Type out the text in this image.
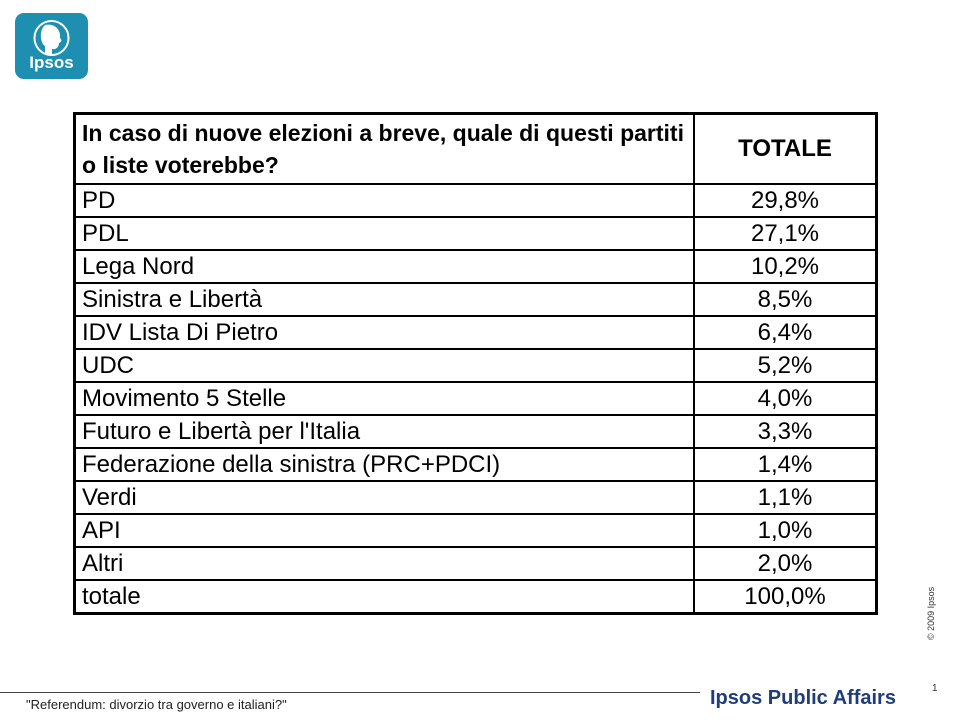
Ipsos
In caso di nuove elezioni a breve, quale di questi partiti o liste voterebbe?	TOTALE
PD	29,8%
PDL	27,1%
Lega Nord	10,2%
Sinistra e Libertà	8,5%
IDV Lista Di Pietro	6,4%
UDC	5,2%
Movimento 5 Stelle	4,0%
Futuro e Libertà per l'Italia	3,3%
Federazione della sinistra (PRC+PDCI)	1,4%
Verdi	1,1%
API	1,0%
Altri	2,0%
totale	100,0%	© 2009 Ipsos
"Referendum: divorzio tra governo e italiani?"	Ipsos Public Affairs	1
